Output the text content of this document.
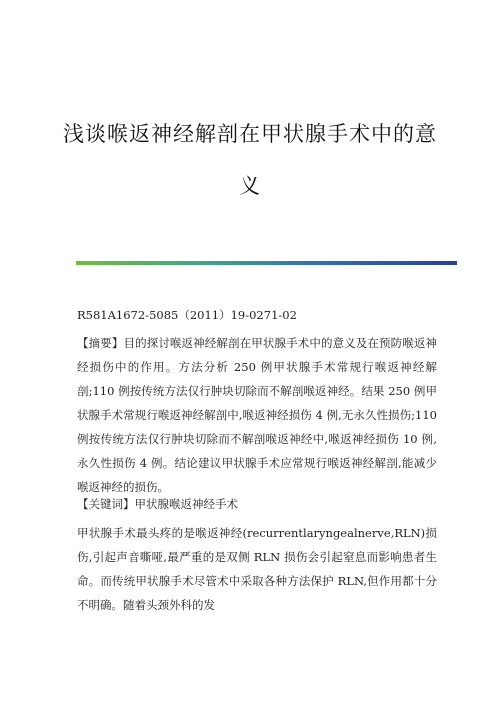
浅谈喉返神经解剖在甲状腺手术中的意
义

R581A1672-5085（2011）19-0271-02

【摘要】目的探讨喉返神经解剖在甲状腺手术中的意义及在预防喉返神经损伤中的作用。方法分析 250 例甲状腺手术常规行喉返神经解剖;110 例按传统方法仅行肿块切除而不解剖喉返神经。结果 250 例甲状腺手术常规行喉返神经解剖中,喉返神经损伤 4 例,无永久性损伤;110 例按传统方法仅行肿块切除而不解剖喉返神经中,喉返神经损伤 10 例,永久性损伤 4 例。结论建议甲状腺手术应常规行喉返神经解剖,能减少喉返神经的损伤。

【关键词】甲状腺喉返神经手术

甲状腺手术最头疼的是喉返神经(recurrentlaryngealnerve,RLN)损伤,引起声音嘶哑,最严重的是双侧 RLN 损伤会引起窒息而影响患者生命。而传统甲状腺手术尽管术中采取各种方法保护 RLN,但作用都十分不明确。随着头颈外科的发
